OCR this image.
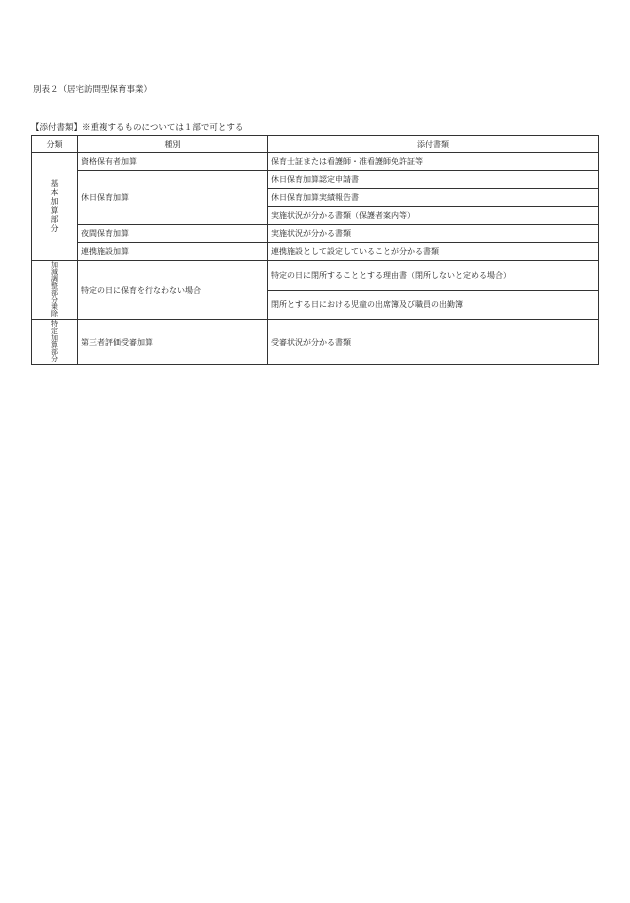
別表２（居宅訪問型保育事業）
【添付書類】※重複するものについては１部で可とする
分類	種別	添付書類
基本加算部分	資格保有者加算	保育士証または看護師・准看護師免許証等
	休日保育加算	休日保育加算認定申請書
		休日保育加算実績報告書
		実施状況が分かる書類（保護者案内等）
	夜間保育加算	実施状況が分かる書類
	連携施設加算	連携施設として設定していることが分かる書類
加減調整部分乗除	特定の日に保育を行なわない場合	特定の日に閉所することとする理由書（閉所しないと定める場合）
		閉所とする日における児童の出席簿及び職員の出勤簿
特定加算部分	第三者評価受審加算	受審状況が分かる書類
